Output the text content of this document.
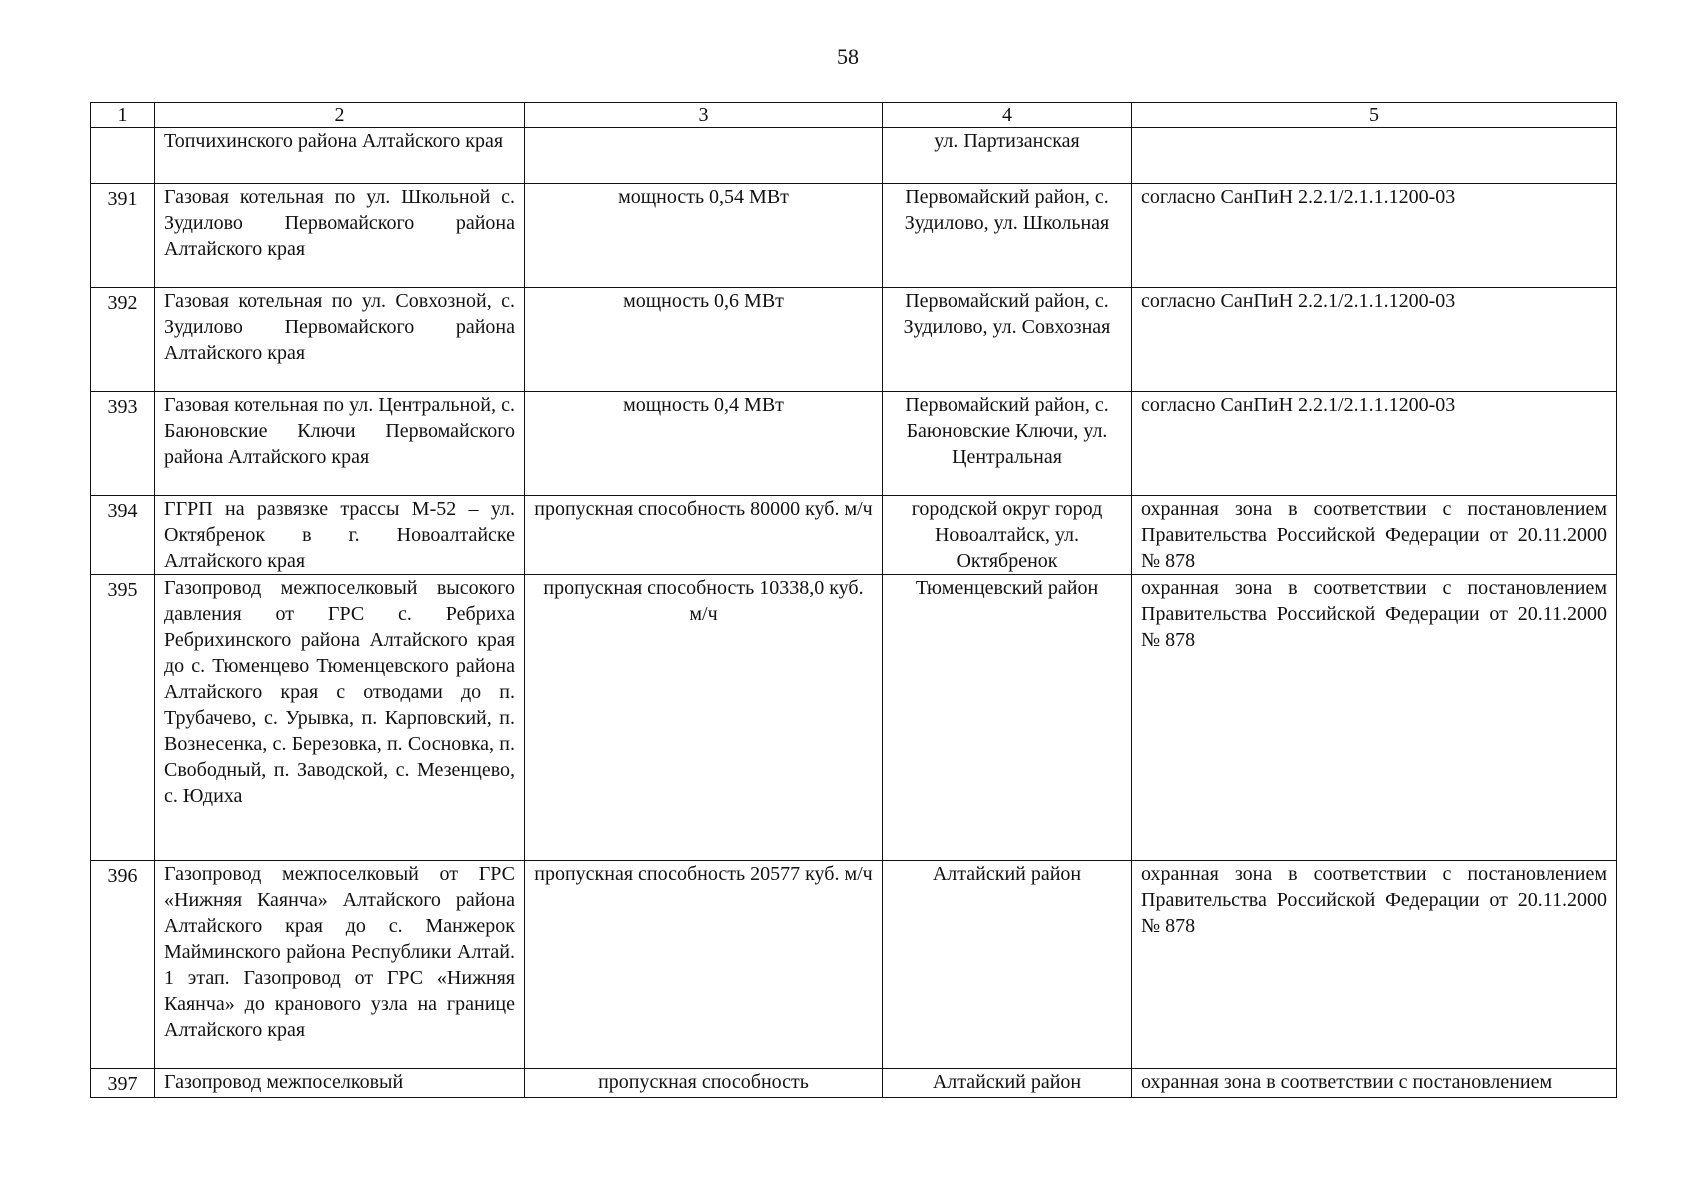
58
1	2	3	4	5
	Топчихинского района Алтайского края		ул. Партизанская	
391	Газовая котельная по ул. Школьной с. Зудилово Первомайского района Алтайского края	мощность 0,54 МВт	Первомайский район, с. Зудилово, ул. Школьная	согласно СанПиН 2.2.1/2.1.1.1200-03
392	Газовая котельная по ул. Совхозной, с. Зудилово Первомайского района Алтайского края	мощность 0,6 МВт	Первомайский район, с. Зудилово, ул. Совхозная	согласно СанПиН 2.2.1/2.1.1.1200-03
393	Газовая котельная по ул. Центральной, с. Баюновские Ключи Первомайского района Алтайского края	мощность 0,4 МВт	Первомайский район, с. Баюновские Ключи, ул. Центральная	согласно СанПиН 2.2.1/2.1.1.1200-03
394	ГГРП на развязке трассы М-52 – ул. Октябренок в г. Новоалтайске Алтайского края	пропускная способность 80000 куб. м/ч	городской округ город Новоалтайск, ул. Октябренок	охранная зона в соответствии с постановлением Правительства Российской Федерации от 20.11.2000 № 878
395	Газопровод межпоселковый высокого давления от ГРС с. Ребриха Ребрихинского района Алтайского края до с. Тюменцево Тюменцевского района Алтайского края с отводами до п. Трубачево, с. Урывка, п. Карповский, п. Вознесенка, с. Березовка, п. Сосновка, п. Свободный, п. Заводской, с. Мезенцево, с. Юдиха	пропускная способность 10338,0 куб. м/ч	Тюменцевский район	охранная зона в соответствии с постановлением Правительства Российской Федерации от 20.11.2000 № 878
396	Газопровод межпоселковый от ГРС «Нижняя Каянча» Алтайского района Алтайского края до с. Манжерок Майминского района Республики Алтай. 1 этап. Газопровод от ГРС «Нижняя Каянча» до кранового узла на границе Алтайского края	пропускная способность 20577 куб. м/ч	Алтайский район	охранная зона в соответствии с постановлением Правительства Российской Федерации от 20.11.2000 № 878
397	Газопровод межпоселковый	пропускная способность	Алтайский район	охранная зона в соответствии с постановлением
